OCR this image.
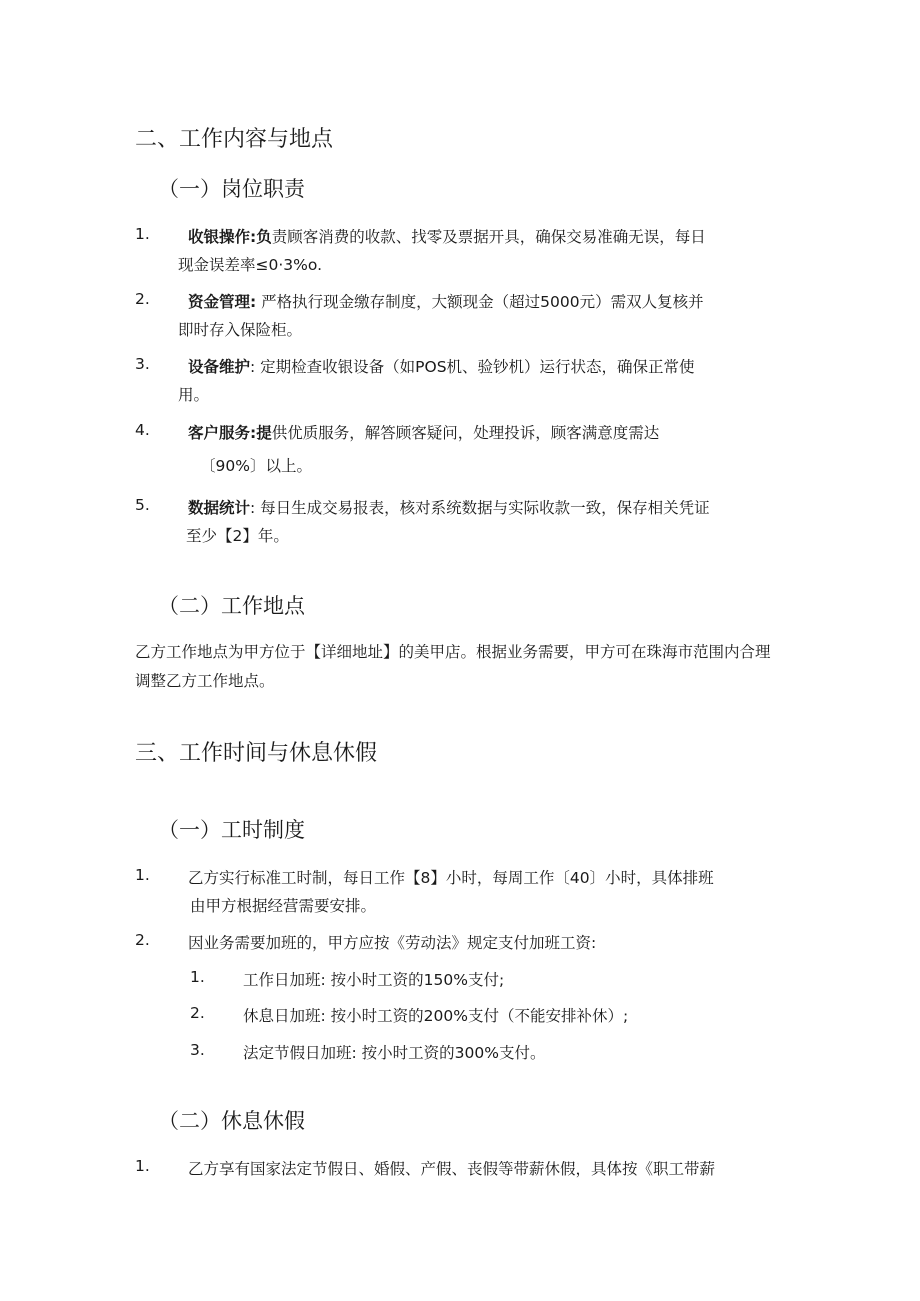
二、工作内容与地点
（一）岗位职责
1. 收银操作:负责顾客消费的收款、找零及票据开具，确保交易准确无误，每日
现金误差率≤0·3%o.
2. 资金管理: 严格执行现金缴存制度，大额现金（超过5000元）需双人复核并
即时存入保险柜。
3. 设备维护: 定期检查收银设备（如POS机、验钞机）运行状态，确保正常使
用。
4. 客户服务:提供优质服务，解答顾客疑问，处理投诉，顾客满意度需达
〔90%〕以上。
5. 数据统计: 每日生成交易报表，核对系统数据与实际收款一致，保存相关凭证
至少【2】年。
（二）工作地点
乙方工作地点为甲方位于【详细地址】的美甲店。根据业务需要，甲方可在珠海市范围内合理
调整乙方工作地点。
三、工作时间与休息休假
（一）工时制度
1. 乙方实行标准工时制，每日工作【8】小时，每周工作〔40〕小时，具体排班
由甲方根据经营需要安排。
2. 因业务需要加班的，甲方应按《劳动法》规定支付加班工资:
1. 工作日加班: 按小时工资的150%支付;
2. 休息日加班: 按小时工资的200%支付（不能安排补休）;
3. 法定节假日加班: 按小时工资的300%支付。
（二）休息休假
1. 乙方享有国家法定节假日、婚假、产假、丧假等带薪休假，具体按《职工带薪
